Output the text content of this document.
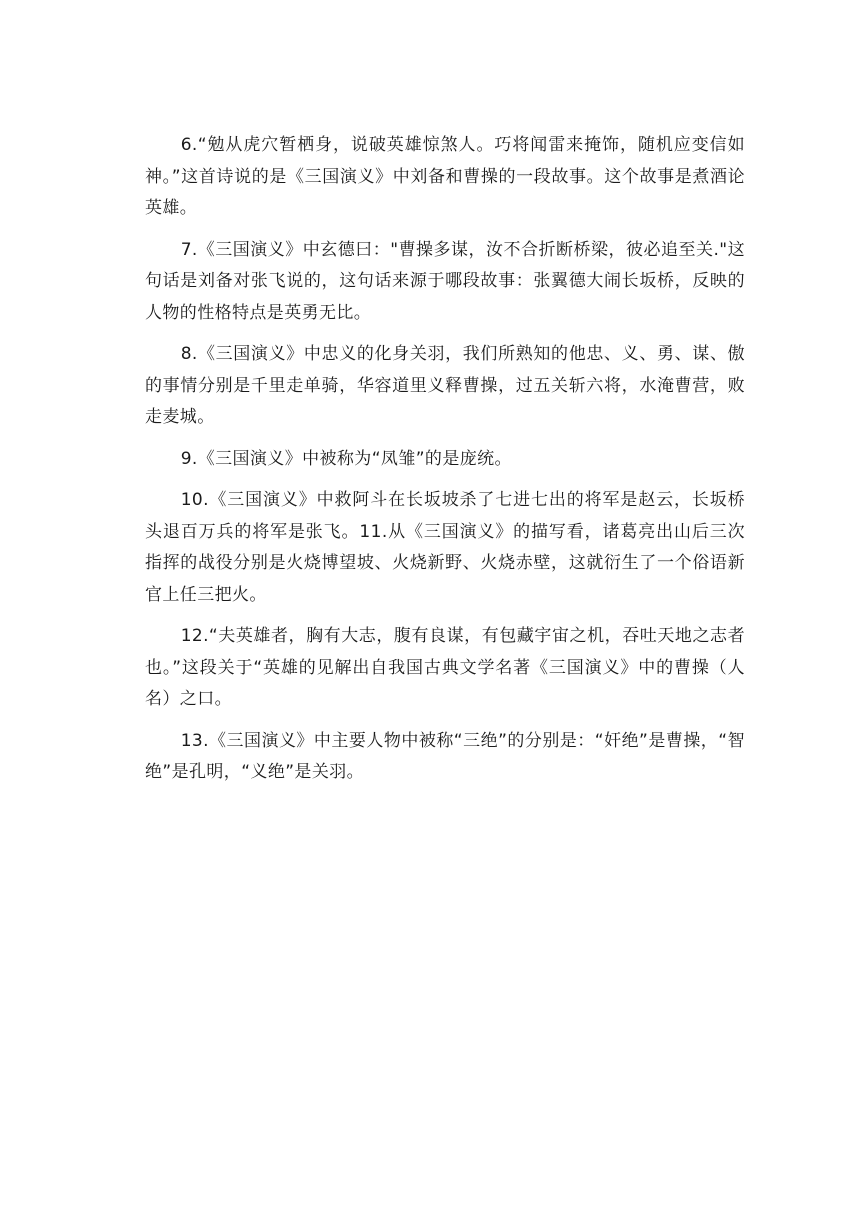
6.“勉从虎穴暂栖身，说破英雄惊煞人。巧将闻雷来掩饰，随机应变信如神。”这首诗说的是《三国演义》中刘备和曹操的一段故事。这个故事是煮酒论英雄。

7.《三国演义》中玄德曰："曹操多谋，汝不合折断桥梁，彼必追至关."这句话是刘备对张飞说的，这句话来源于哪段故事：张翼德大闹长坂桥，反映的人物的性格特点是英勇无比。

8.《三国演义》中忠义的化身关羽，我们所熟知的他忠、义、勇、谋、傲的事情分别是千里走单骑，华容道里义释曹操，过五关斩六将，水淹曹营，败走麦城。

9.《三国演义》中被称为“凤雏”的是庞统。

10.《三国演义》中救阿斗在长坂坡杀了七进七出的将军是赵云，长坂桥头退百万兵的将军是张飞。11.从《三国演义》的描写看，诸葛亮出山后三次指挥的战役分别是火烧博望坡、火烧新野、火烧赤壁，这就衍生了一个俗语新官上任三把火。

12.“夫英雄者，胸有大志，腹有良谋，有包藏宇宙之机，吞吐天地之志者也。”这段关于“英雄的见解出自我国古典文学名著《三国演义》中的曹操（人名）之口。

13.《三国演义》中主要人物中被称“三绝”的分别是：“奸绝”是曹操，“智绝”是孔明，“义绝”是关羽。
